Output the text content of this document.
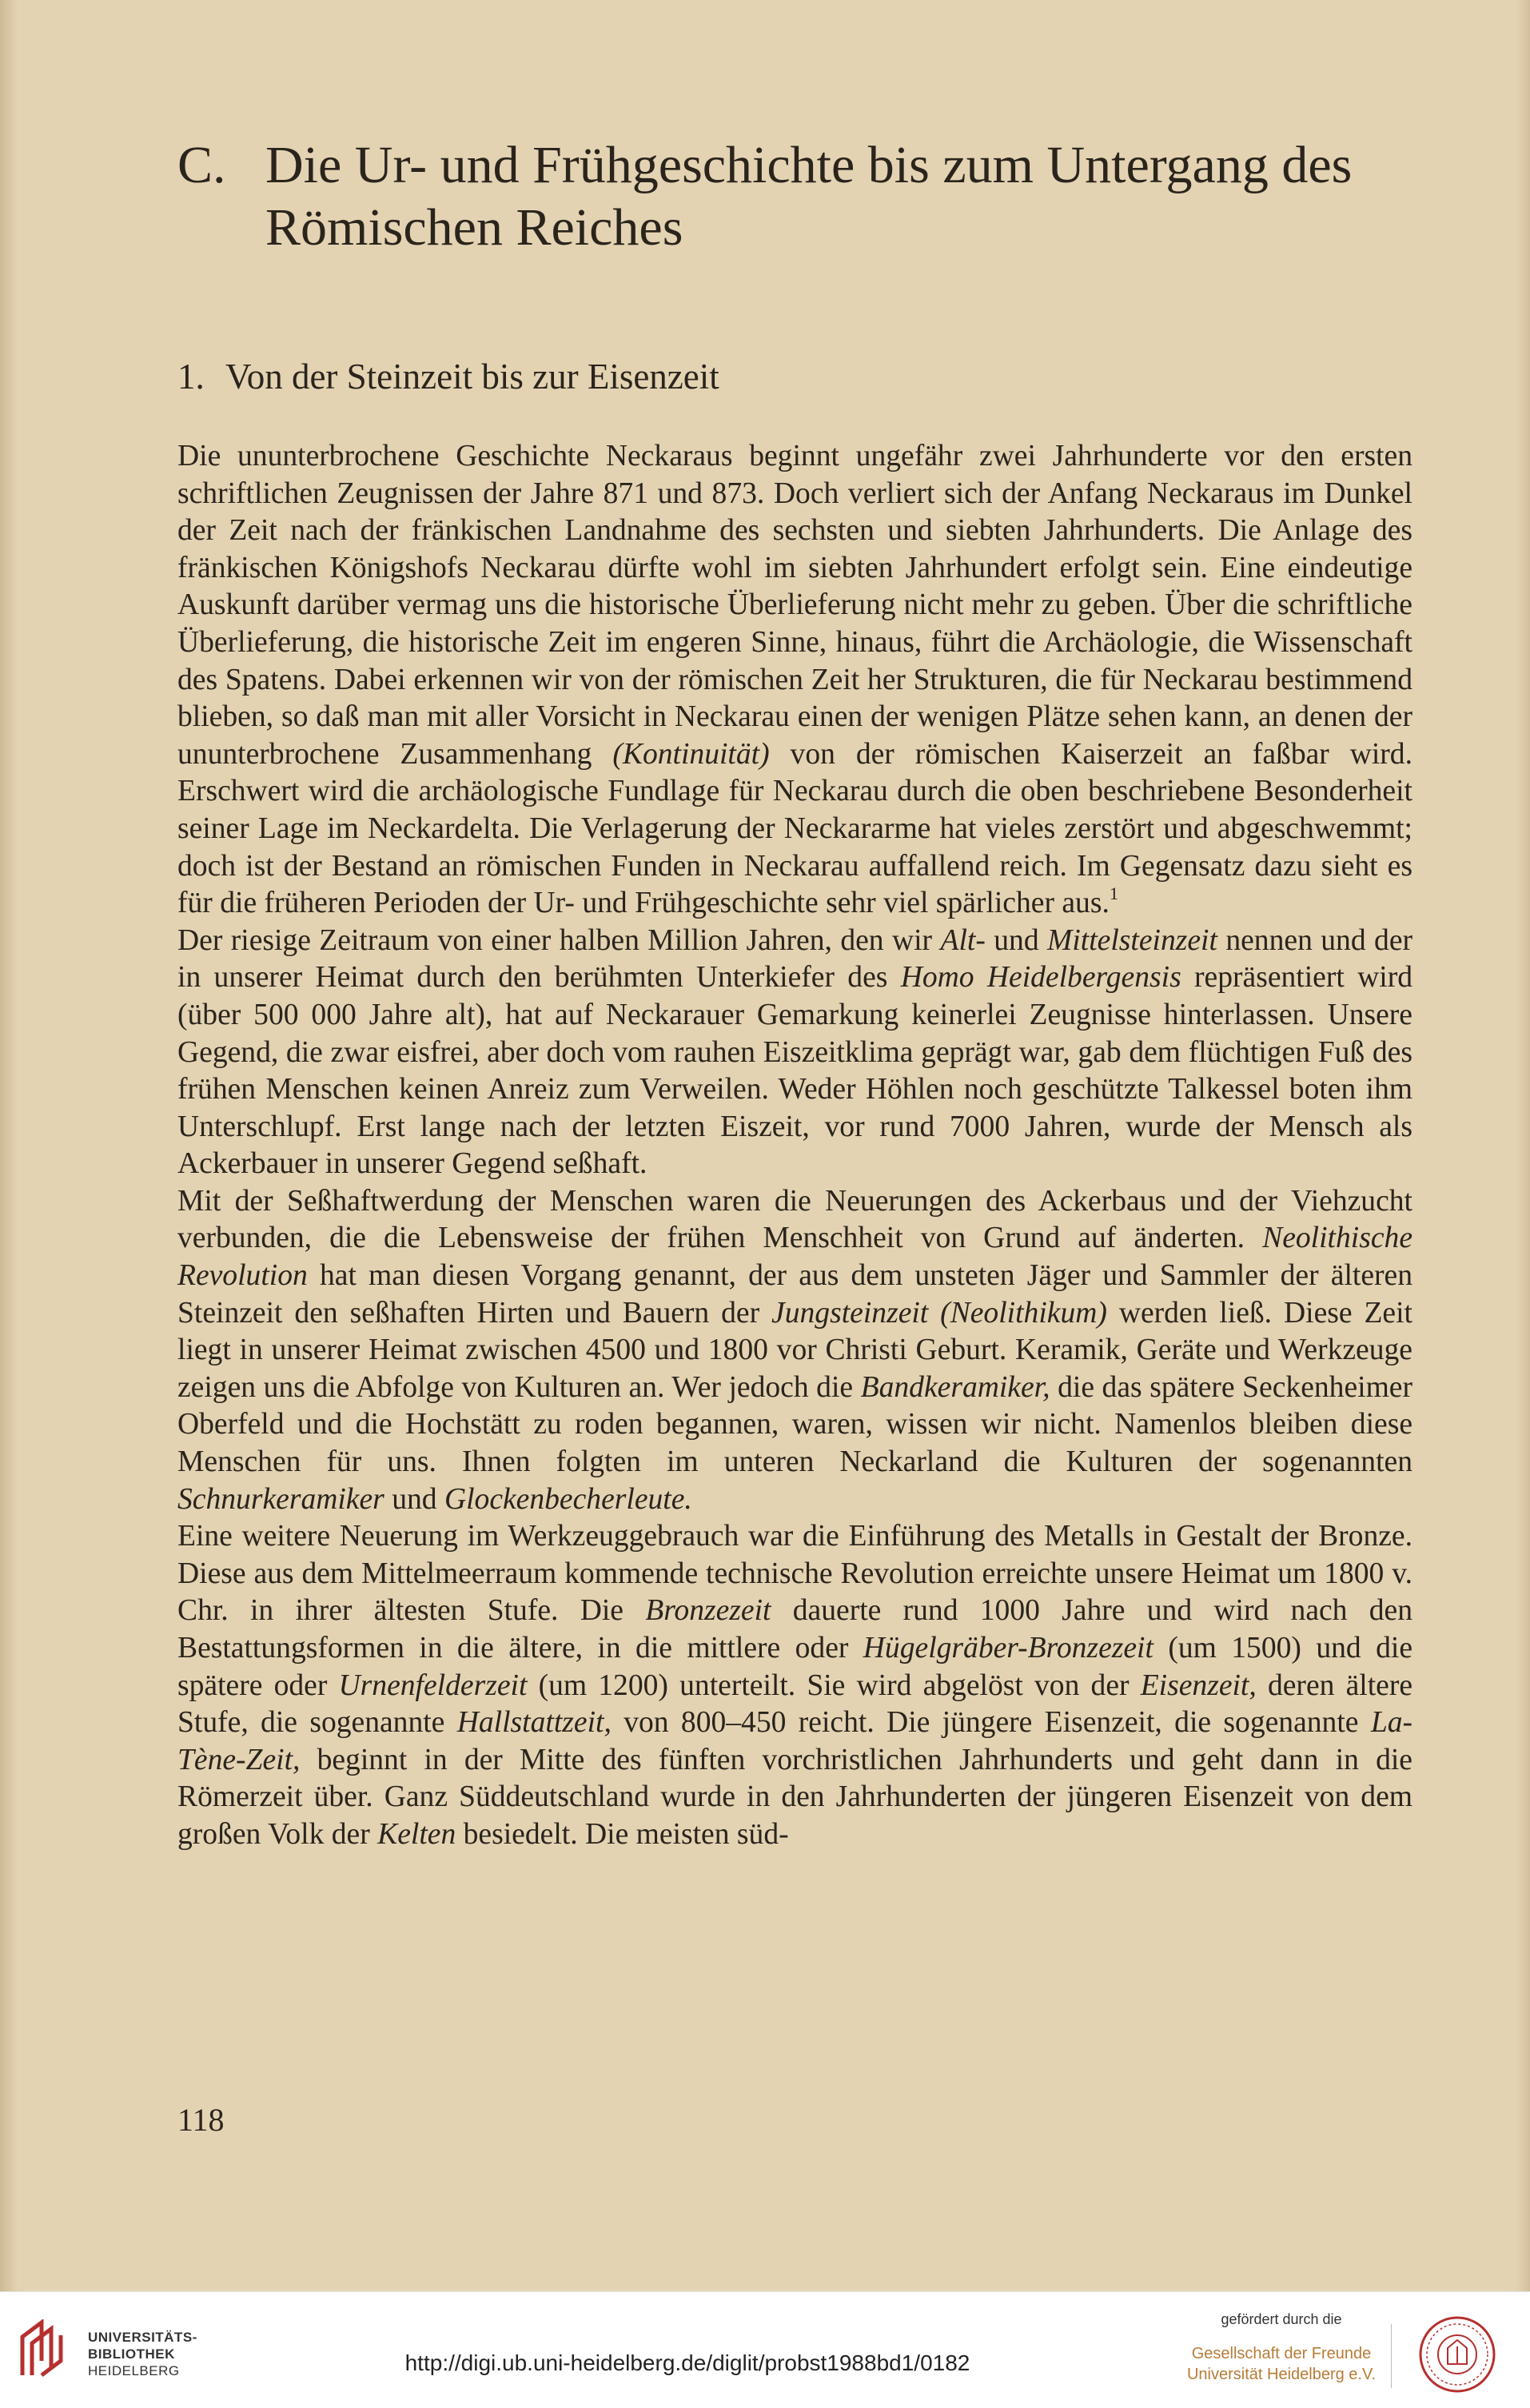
C. Die Ur- und Frühgeschichte bis zum Untergang des Römischen Reiches
1. Von der Steinzeit bis zur Eisenzeit

Die ununterbrochene Geschichte Neckaraus beginnt ungefähr zwei Jahrhunderte vor den ersten schriftlichen Zeugnissen der Jahre 871 und 873. Doch verliert sich der Anfang Neckaraus im Dunkel der Zeit nach der fränkischen Landnahme des sechsten und siebten Jahrhunderts. Die Anlage des fränkischen Königshofs Neckarau dürfte wohl im siebten Jahrhundert erfolgt sein. Eine eindeutige Auskunft darüber vermag uns die historische Überlieferung nicht mehr zu geben. Über die schriftliche Überlieferung, die historische Zeit im engeren Sinne, hinaus, führt die Archäologie, die Wissenschaft des Spatens. Dabei erkennen wir von der römischen Zeit her Strukturen, die für Neckarau bestimmend blieben, so daß man mit aller Vorsicht in Neckarau einen der wenigen Plätze sehen kann, an denen der ununterbrochene Zusammenhang (Kontinuität) von der römischen Kaiserzeit an faßbar wird. Erschwert wird die archäologische Fundlage für Neckarau durch die oben beschriebene Besonderheit seiner Lage im Neckardelta. Die Verlagerung der Neckararme hat vieles zerstört und abgeschwemmt; doch ist der Bestand an römischen Funden in Neckarau auffallend reich. Im Gegensatz dazu sieht es für die früheren Perioden der Ur- und Frühgeschichte sehr viel spärlicher aus.$^1$

Der riesige Zeitraum von einer halben Million Jahren, den wir Alt- und Mittelsteinzeit nennen und der in unserer Heimat durch den berühmten Unterkiefer des Homo Heidelbergensis repräsentiert wird (über 500 000 Jahre alt), hat auf Neckarauer Gemarkung keinerlei Zeugnisse hinterlassen. Unsere Gegend, die zwar eisfrei, aber doch vom rauhen Eiszeitklima geprägt war, gab dem flüchtigen Fuß des frühen Menschen keinen Anreiz zum Verweilen. Weder Höhlen noch geschützte Talkessel boten ihm Unterschlupf. Erst lange nach der letzten Eiszeit, vor rund 7000 Jahren, wurde der Mensch als Ackerbauer in unserer Gegend seßhaft.

Mit der Seßhaftwerdung der Menschen waren die Neuerungen des Ackerbaus und der Viehzucht verbunden, die die Lebensweise der frühen Menschheit von Grund auf änderten. Neolithische Revolution hat man diesen Vorgang genannt, der aus dem unsteten Jäger und Sammler der älteren Steinzeit den seßhaften Hirten und Bauern der Jungsteinzeit (Neolithikum) werden ließ. Diese Zeit liegt in unserer Heimat zwischen 4500 und 1800 vor Christi Geburt. Keramik, Geräte und Werkzeuge zeigen uns die Abfolge von Kulturen an. Wer jedoch die Bandkeramiker, die das spätere Seckenheimer Oberfeld und die Hochstätt zu roden begannen, waren, wissen wir nicht. Namenlos bleiben diese Menschen für uns. Ihnen folgten im unteren Neckarland die Kulturen der sogenannten Schnurkeramiker und Glockenbecherleute.

Eine weitere Neuerung im Werkzeuggebrauch war die Einführung des Metalls in Gestalt der Bronze. Diese aus dem Mittelmeerraum kommende technische Revolution erreichte unsere Heimat um 1800 v. Chr. in ihrer ältesten Stufe. Die Bronzezeit dauerte rund 1000 Jahre und wird nach den Bestattungsformen in die ältere, in die mittlere oder Hügelgräber-Bronzezeit (um 1500) und die spätere oder Urnenfelderzeit (um 1200) unterteilt. Sie wird abgelöst von der Eisenzeit, deren ältere Stufe, die sogenannte Hallstattzeit, von 800–450 reicht. Die jüngere Eisenzeit, die sogenannte La-Tène-Zeit, beginnt in der Mitte des fünften vorchristlichen Jahrhunderts und geht dann in die Römerzeit über. Ganz Süddeutschland wurde in den Jahrhunderten der jüngeren Eisenzeit von dem großen Volk der Kelten besiedelt. Die meisten süd-

118
UNIVERSITÄTS-
BIBLIOTHEK
HEIDELBERG	http://digi.ub.uni-heidelberg.de/diglit/probst1988bd1/0182
gefördert durch die
Gesellschaft der Freunde
Universität Heidelberg e.V.
